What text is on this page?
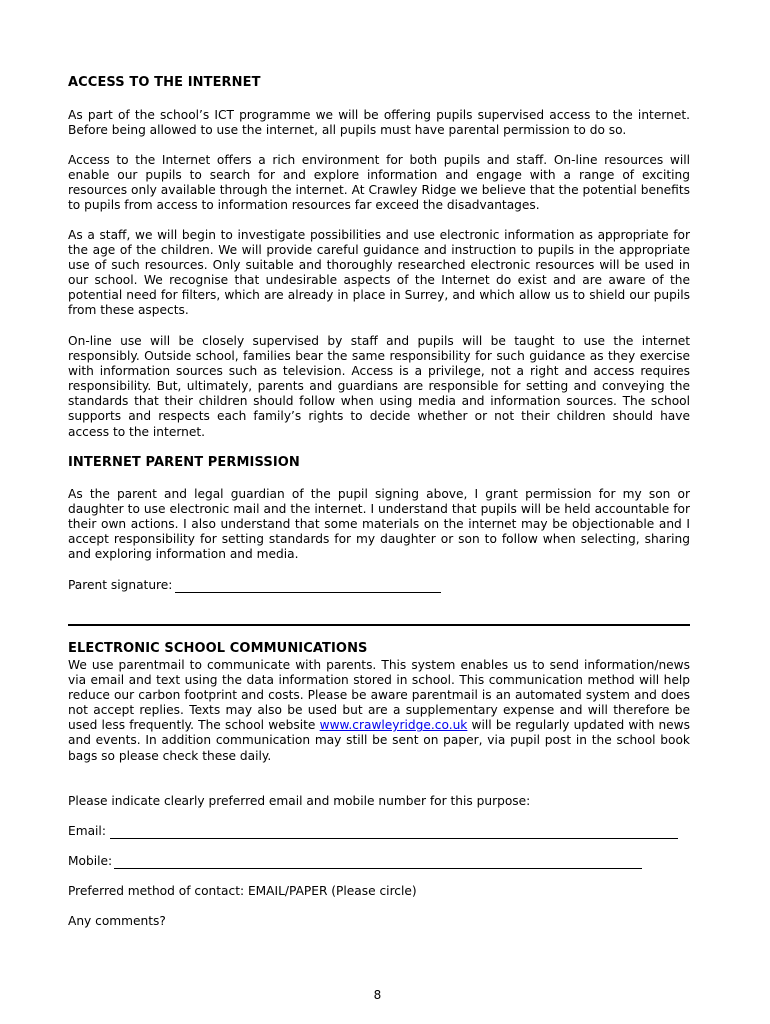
ACCESS TO THE INTERNET

As part of the school’s ICT programme we will be offering pupils supervised access to the internet. Before being allowed to use the internet, all pupils must have parental permission to do so.

Access to the Internet offers a rich environment for both pupils and staff. On-line resources will enable our pupils to search for and explore information and engage with a range of exciting resources only available through the internet. At Crawley Ridge we believe that the potential benefits to pupils from access to information resources far exceed the disadvantages.

As a staff, we will begin to investigate possibilities and use electronic information as appropriate for the age of the children. We will provide careful guidance and instruction to pupils in the appropriate use of such resources. Only suitable and thoroughly researched electronic resources will be used in our school. We recognise that undesirable aspects of the Internet do exist and are aware of the potential need for filters, which are already in place in Surrey, and which allow us to shield our pupils from these aspects.

On-line use will be closely supervised by staff and pupils will be taught to use the internet responsibly. Outside school, families bear the same responsibility for such guidance as they exercise with information sources such as television. Access is a privilege, not a right and access requires responsibility. But, ultimately, parents and guardians are responsible for setting and conveying the standards that their children should follow when using media and information sources. The school supports and respects each family’s rights to decide whether or not their children should have access to the internet.

INTERNET PARENT PERMISSION

As the parent and legal guardian of the pupil signing above, I grant permission for my son or daughter to use electronic mail and the internet. I understand that pupils will be held accountable for their own actions. I also understand that some materials on the internet may be objectionable and I accept responsibility for setting standards for my daughter or son to follow when selecting, sharing and exploring information and media.

Parent signature:

ELECTRONIC SCHOOL COMMUNICATIONS

We use parentmail to communicate with parents. This system enables us to send information/news via email and text using the data information stored in school. This communication method will help reduce our carbon footprint and costs. Please be aware parentmail is an automated system and does not accept replies. Texts may also be used but are a supplementary expense and will therefore be used less frequently. The school website www.crawleyridge.co.uk will be regularly updated with news and events. In addition communication may still be sent on paper, via pupil post in the school book bags so please check these daily.

Please indicate clearly preferred email and mobile number for this purpose:

Email:

Mobile:

Preferred method of contact: EMAIL/PAPER (Please circle)

Any comments?

8
